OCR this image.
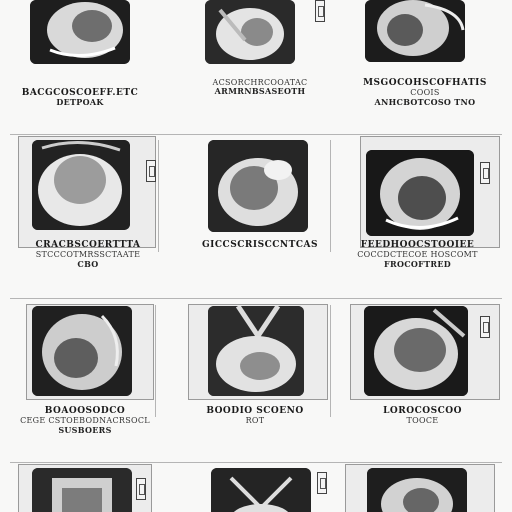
BACGCOSCOEFF.ETC
DETPOAK
ACSORCHRCOOATAC
ARMRNBSASEOTH
MSGOCOHSCOFHATIS
COOIS
ANHCBOTCOSO TNO
CRACBSCOERTTTA
STCCCOTMRSSCTAATE
CBO
GICCSCRISCCNTCAS	FEEDHOOCSTOOIEE
COCCDCTECOE HOSCOMT
FROCOFTRED
BOAOOSODCO
CEGE CSTOEBODNACRSOCL
SUSBOERS
BOODIO SCOENO
ROT
LOROCOSCOO
TOOCE
